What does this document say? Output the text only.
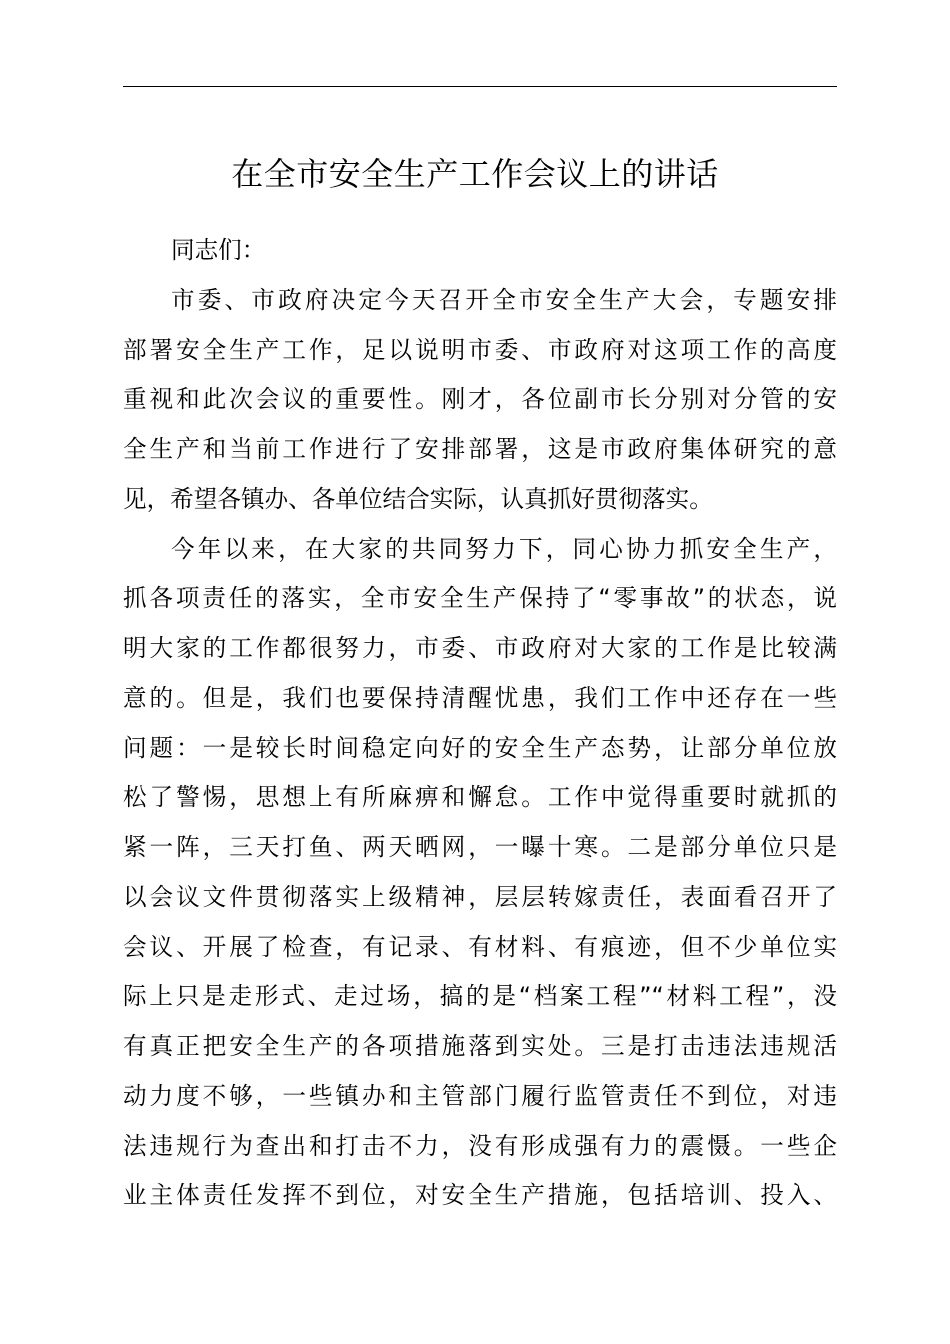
在全市安全生产工作会议上的讲话
同志们：
市委、市政府决定今天召开全市安全生产大会，专题安排
部署安全生产工作，足以说明市委、市政府对这项工作的高度
重视和此次会议的重要性。刚才，各位副市长分别对分管的安
全生产和当前工作进行了安排部署，这是市政府集体研究的意
见，希望各镇办、各单位结合实际，认真抓好贯彻落实。
今年以来，在大家的共同努力下，同心协力抓安全生产，
抓各项责任的落实，全市安全生产保持了“零事故”的状态，说
明大家的工作都很努力，市委、市政府对大家的工作是比较满
意的。但是，我们也要保持清醒忧患，我们工作中还存在一些
问题：一是较长时间稳定向好的安全生产态势，让部分单位放
松了警惕，思想上有所麻痹和懈怠。工作中觉得重要时就抓的
紧一阵，三天打鱼、两天晒网，一曝十寒。二是部分单位只是
以会议文件贯彻落实上级精神，层层转嫁责任，表面看召开了
会议、开展了检查，有记录、有材料、有痕迹，但不少单位实
际上只是走形式、走过场，搞的是“档案工程”“材料工程”，没
有真正把安全生产的各项措施落到实处。三是打击违法违规活
动力度不够，一些镇办和主管部门履行监管责任不到位，对违
法违规行为查出和打击不力，没有形成强有力的震慑。一些企
业主体责任发挥不到位，对安全生产措施，包括培训、投入、
